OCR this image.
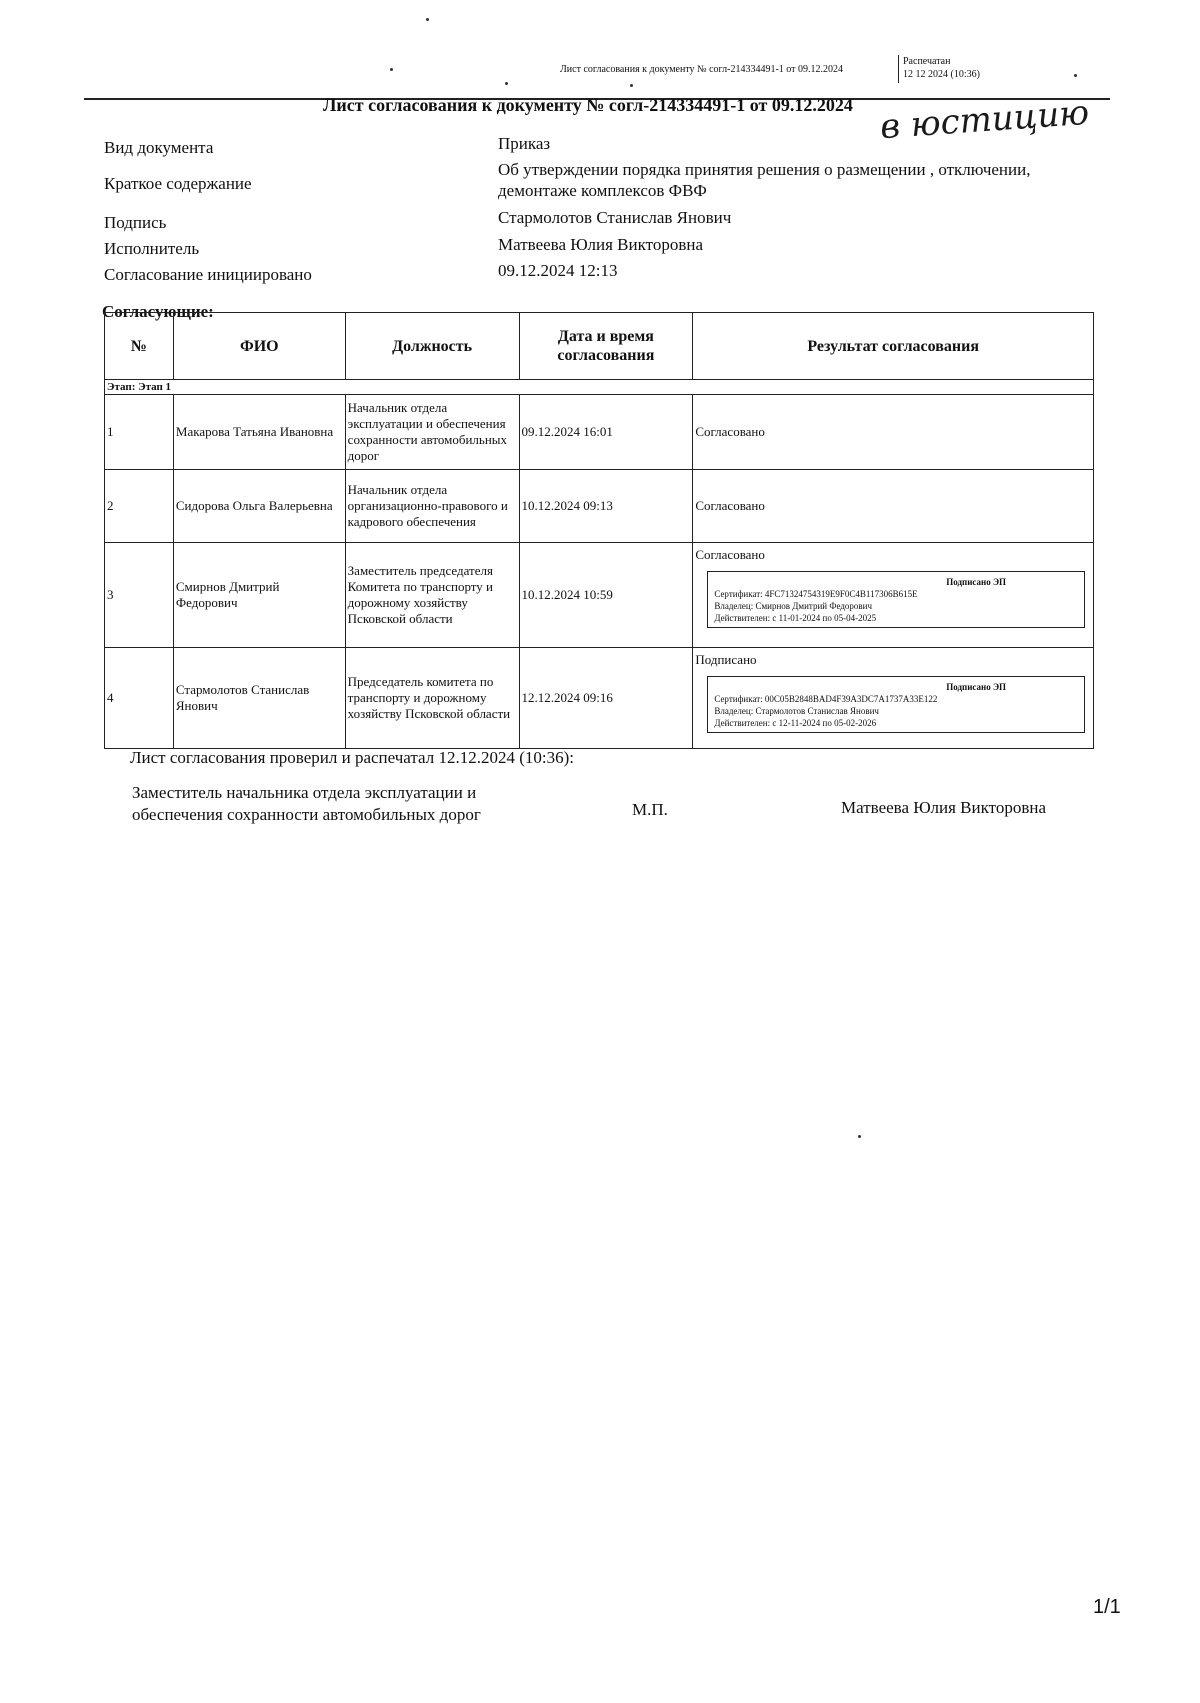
Лист согласования к документу № согл-214334491-1 от 09.12.2024
Распечатан
12 12 2024 (10:36)
Лист согласования к документу № согл-214334491-1 от 09.12.2024 в юстицию
Вид документа	Приказ
Краткое содержание
Об утверждении порядка принятия решения о размещении , отключении, демонтаже комплексов ФВФ
Подпись	Стармолотов Станислав Янович
Исполнитель	Матвеева Юлия Викторовна
Согласование инициировано	09.12.2024 12:13
Согласующие:
№	ФИО	Должность	Дата и время согласования	Результат согласования
Этап: Этап 1				
1	Макарова Татьяна Ивановна	Начальник отдела эксплуатации и обеспечения сохранности автомобильных дорог	09.12.2024 16:01	Согласовано
2	Сидорова Ольга Валерьевна	Начальник отдела организационно-правового и кадрового обеспечения	10.12.2024 09:13	Согласовано
3	Смирнов Дмитрий Федорович	Заместитель председателя Комитета по транспорту и дорожному хозяйству Псковской области	10.12.2024 10:59	Согласовано
Подписано ЭП
Сертификат: 4FC71324754319E9F0C4B117306B615E
Владелец: Смирнов Дмитрий Федорович
Действителен: с 11-01-2024 по 05-04-2025

4	Стармолотов Станислав Янович	Председатель комитета по транспорту и дорожному хозяйству Псковской области	12.12.2024 09:16	Подписано
Подписано ЭП
Сертификат: 00C05B2848BAD4F39A3DC7A1737A33E122
Владелец: Стармолотов Станислав Янович
Действителен: с 12-11-2024 по 05-02-2026
Лист согласования проверил и распечатал 12.12.2024 (10:36):
Заместитель начальника отдела эксплуатации и
обеспечения сохранности автомобильных дорог	М.П.	Матвеева Юлия Викторовна
1/1
